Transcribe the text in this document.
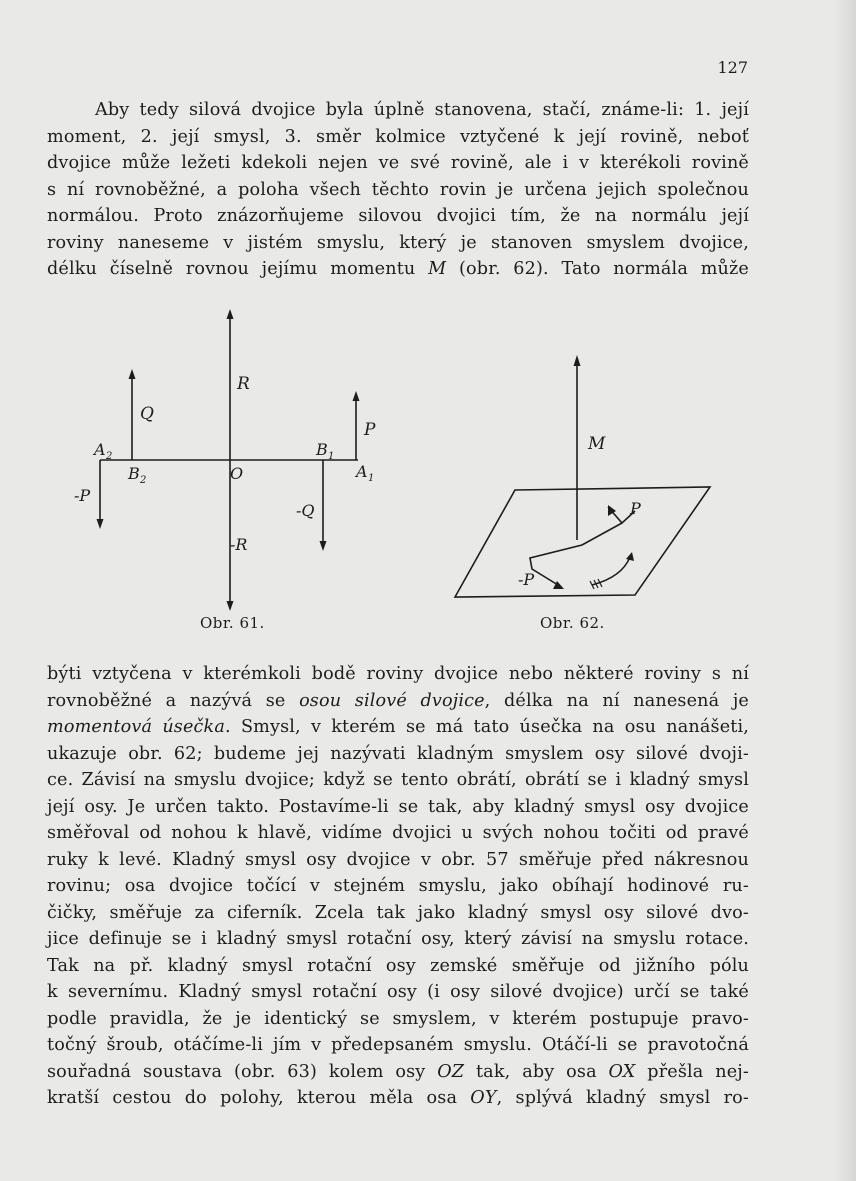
127
Aby tedy silová dvojice byla úplně stanovena, stačí, známe-li: 1. její
moment, 2. její smysl, 3. směr kolmice vztyčené k její rovině, neboť
dvojice může ležeti kdekoli nejen ve své rovině, ale i v kterékoli rovině
s ní rovnoběžné, a poloha všech těchto rovin je určena jejich společnou
normálou. Proto znázorňujeme silovou dvojici tím, že na normálu její
roviny naneseme v jistém smyslu, který je stanoven smyslem dvojice,
délku číselně rovnou jejímu momentu M (obr. 62). Tato normála může
R
Q
P
A 2
B 2	O
B 1
A 1
-P
-Q
-R
Obr. 61.
M
P
-P
Obr. 62.
býti vztyčena v kterémkoli bodě roviny dvojice nebo některé roviny s ní
rovnoběžné a nazývá se osou silové dvojice, délka na ní nanesená je
momentová úsečka. Smysl, v kterém se má tato úsečka na osu nanášeti,
ukazuje obr. 62; budeme jej nazývati kladným smyslem osy silové dvoji-
ce. Závisí na smyslu dvojice; když se tento obrátí, obrátí se i kladný smysl
její osy. Je určen takto. Postavíme-li se tak, aby kladný smysl osy dvojice
směřoval od nohou k hlavě, vidíme dvojici u svých nohou točiti od pravé
ruky k levé. Kladný smysl osy dvojice v obr. 57 směřuje před nákresnou
rovinu; osa dvojice točící v stejném smyslu, jako obíhají hodinové ru-
čičky, směřuje za ciferník. Zcela tak jako kladný smysl osy silové dvo-
jice definuje se i kladný smysl rotační osy, který závisí na smyslu rotace.
Tak na př. kladný smysl rotační osy zemské směřuje od jižního pólu
k severnímu. Kladný smysl rotační osy (i osy silové dvojice) určí se také
podle pravidla, že je identický se smyslem, v kterém postupuje pravo-
točný šroub, otáčíme-li jím v předepsaném smyslu. Otáčí-li se pravotočná
souřadná soustava (obr. 63) kolem osy OZ tak, aby osa OX přešla nej-
kratší cestou do polohy, kterou měla osa OY, splývá kladný smysl ro-
